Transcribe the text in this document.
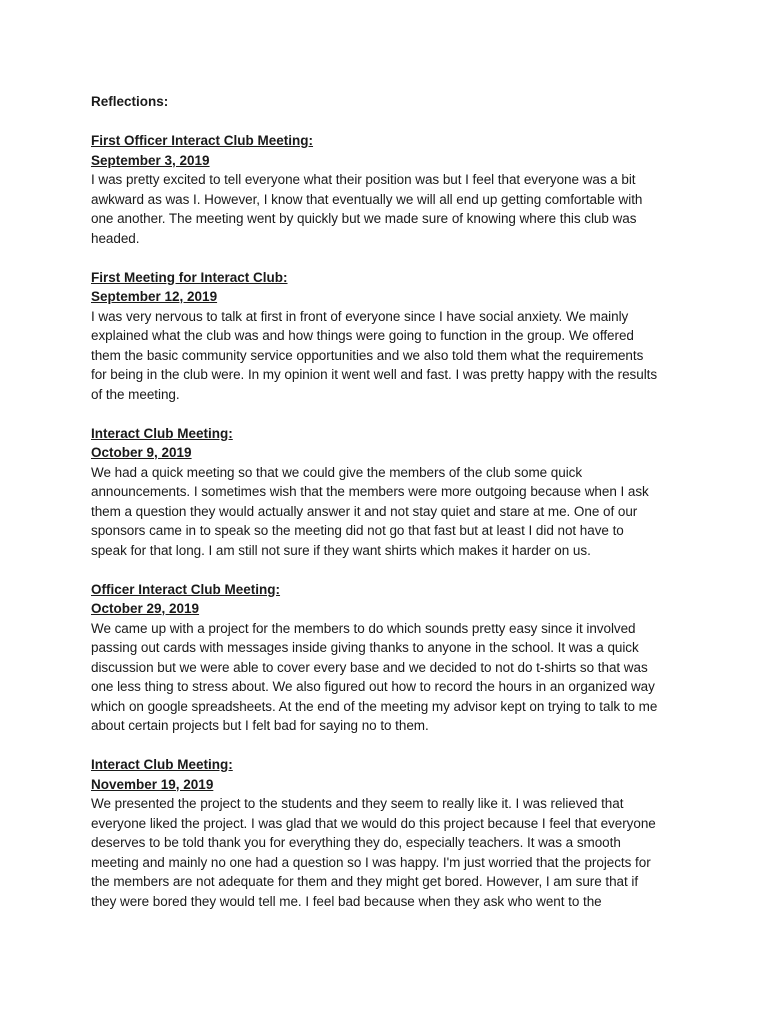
Reflections:

First Officer Interact Club Meeting:

September 3, 2019

I was pretty excited to tell everyone what their position was but I feel that everyone was a bit

awkward as was I. However, I know that eventually we will all end up getting comfortable with

one another. The meeting went by quickly but we made sure of knowing where this club was

headed.

First Meeting for Interact Club:

September 12, 2019

I was very nervous to talk at first in front of everyone since I have social anxiety. We mainly

explained what the club was and how things were going to function in the group. We offered

them the basic community service opportunities and we also told them what the requirements

for being in the club were. In my opinion it went well and fast. I was pretty happy with the results

of the meeting.

Interact Club Meeting:

October 9, 2019

We had a quick meeting so that we could give the members of the club some quick

announcements. I sometimes wish that the members were more outgoing because when I ask

them a question they would actually answer it and not stay quiet and stare at me. One of our

sponsors came in to speak so the meeting did not go that fast but at least I did not have to

speak for that long. I am still not sure if they want shirts which makes it harder on us.

Officer Interact Club Meeting:

October 29, 2019

We came up with a project for the members to do which sounds pretty easy since it involved

passing out cards with messages inside giving thanks to anyone in the school. It was a quick

discussion but we were able to cover every base and we decided to not do t-shirts so that was

one less thing to stress about. We also figured out how to record the hours in an organized way

which on google spreadsheets. At the end of the meeting my advisor kept on trying to talk to me

about certain projects but I felt bad for saying no to them.

Interact Club Meeting:

November 19, 2019

We presented the project to the students and they seem to really like it. I was relieved that

everyone liked the project. I was glad that we would do this project because I feel that everyone

deserves to be told thank you for everything they do, especially teachers. It was a smooth

meeting and mainly no one had a question so I was happy. I'm just worried that the projects for

the members are not adequate for them and they might get bored. However, I am sure that if

they were bored they would tell me. I feel bad because when they ask who went to the
